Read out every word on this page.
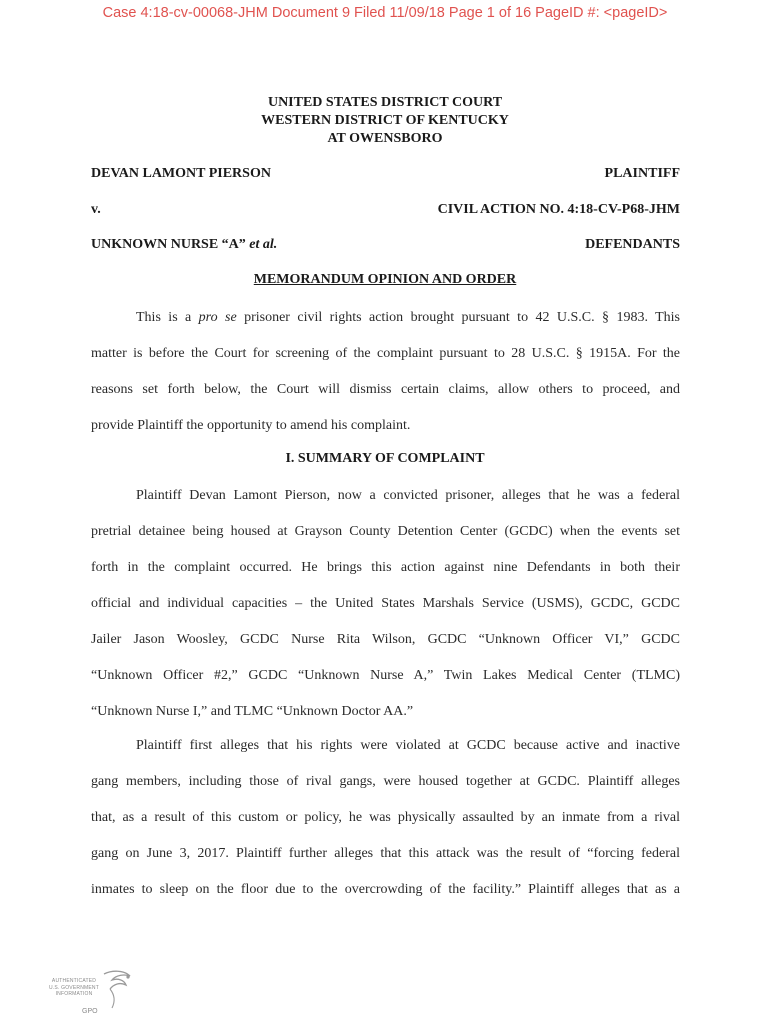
Case 4:18-cv-00068-JHM Document 9 Filed 11/09/18 Page 1 of 16 PageID #: <pageID>
UNITED STATES DISTRICT COURT
WESTERN DISTRICT OF KENTUCKY
AT OWENSBORO
DEVAN LAMONT PIERSON	PLAINTIFF
v.	CIVIL ACTION NO. 4:18-CV-P68-JHM
UNKNOWN NURSE “A” et al.	DEFENDANTS
MEMORANDUM OPINION AND ORDER
This is a pro se prisoner civil rights action brought pursuant to 42 U.S.C. § 1983. This
matter is before the Court for screening of the complaint pursuant to 28 U.S.C. § 1915A. For the
reasons set forth below, the Court will dismiss certain claims, allow others to proceed, and
provide Plaintiff the opportunity to amend his complaint.
I. SUMMARY OF COMPLAINT
Plaintiff Devan Lamont Pierson, now a convicted prisoner, alleges that he was a federal
pretrial detainee being housed at Grayson County Detention Center (GCDC) when the events set
forth in the complaint occurred. He brings this action against nine Defendants in both their
official and individual capacities – the United States Marshals Service (USMS), GCDC, GCDC
Jailer Jason Woosley, GCDC Nurse Rita Wilson, GCDC “Unknown Officer VI,” GCDC
“Unknown Officer #2,” GCDC “Unknown Nurse A,” Twin Lakes Medical Center (TLMC)
“Unknown Nurse I,” and TLMC “Unknown Doctor AA.”
Plaintiff first alleges that his rights were violated at GCDC because active and inactive
gang members, including those of rival gangs, were housed together at GCDC. Plaintiff alleges
that, as a result of this custom or policy, he was physically assaulted by an inmate from a rival
gang on June 3, 2017. Plaintiff further alleges that this attack was the result of “forcing federal
inmates to sleep on the floor due to the overcrowding of the facility.” Plaintiff alleges that as a
AUTHENTICATED
U.S. GOVERNMENT
INFORMATION
GPO
